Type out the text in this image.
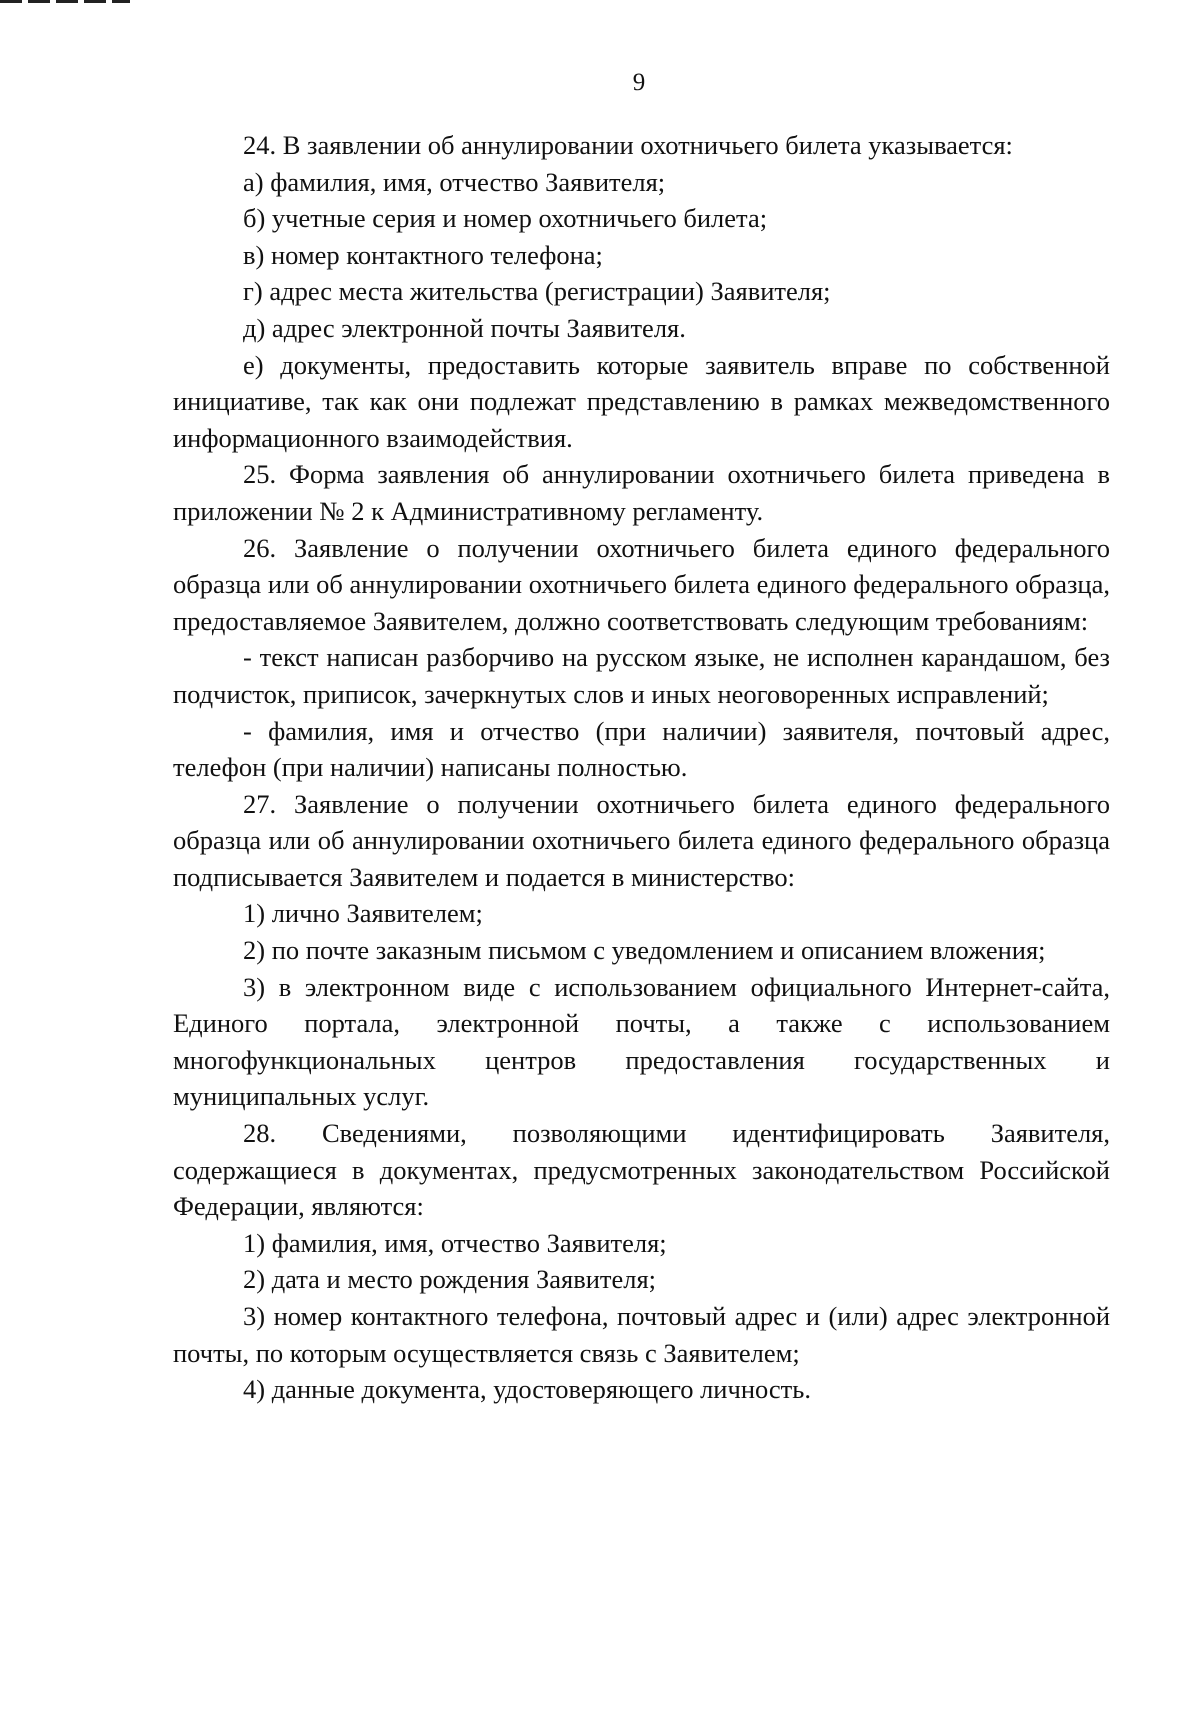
9

24. В заявлении об аннулировании охотничьего билета указывается:

а) фамилия, имя, отчество Заявителя;

б) учетные серия и номер охотничьего билета;

в) номер контактного телефона;

г) адрес места жительства (регистрации) Заявителя;

д) адрес электронной почты Заявителя.

е) документы, предоставить которые заявитель вправе по собственной инициативе, так как они подлежат представлению в рамках межведомственного информационного взаимодействия.

25. Форма заявления об аннулировании охотничьего билета приведена в приложении № 2 к Административному регламенту.

26. Заявление о получении охотничьего билета единого федерального образца или об аннулировании охотничьего билета единого федерального образца, предоставляемое Заявителем, должно соответствовать следующим требованиям:

- текст написан разборчиво на русском языке, не исполнен карандашом, без подчисток, приписок, зачеркнутых слов и иных неоговоренных исправлений;

- фамилия, имя и отчество (при наличии) заявителя, почтовый адрес, телефон (при наличии) написаны полностью.

27. Заявление о получении охотничьего билета единого федерального образца или об аннулировании охотничьего билета единого федерального образца подписывается Заявителем и подается в министерство:

1) лично Заявителем;

2) по почте заказным письмом с уведомлением и описанием вложения;

3) в электронном виде с использованием официального Интернет-сайта, Единого портала, электронной почты, а также с использованием многофункциональных центров предоставления государственных и муниципальных услуг.

28. Сведениями, позволяющими идентифицировать Заявителя, содержащиеся в документах, предусмотренных законодательством Российской Федерации, являются:

1) фамилия, имя, отчество Заявителя;

2) дата и место рождения Заявителя;

3) номер контактного телефона, почтовый адрес и (или) адрес электронной почты, по которым осуществляется связь с Заявителем;

4) данные документа, удостоверяющего личность.
